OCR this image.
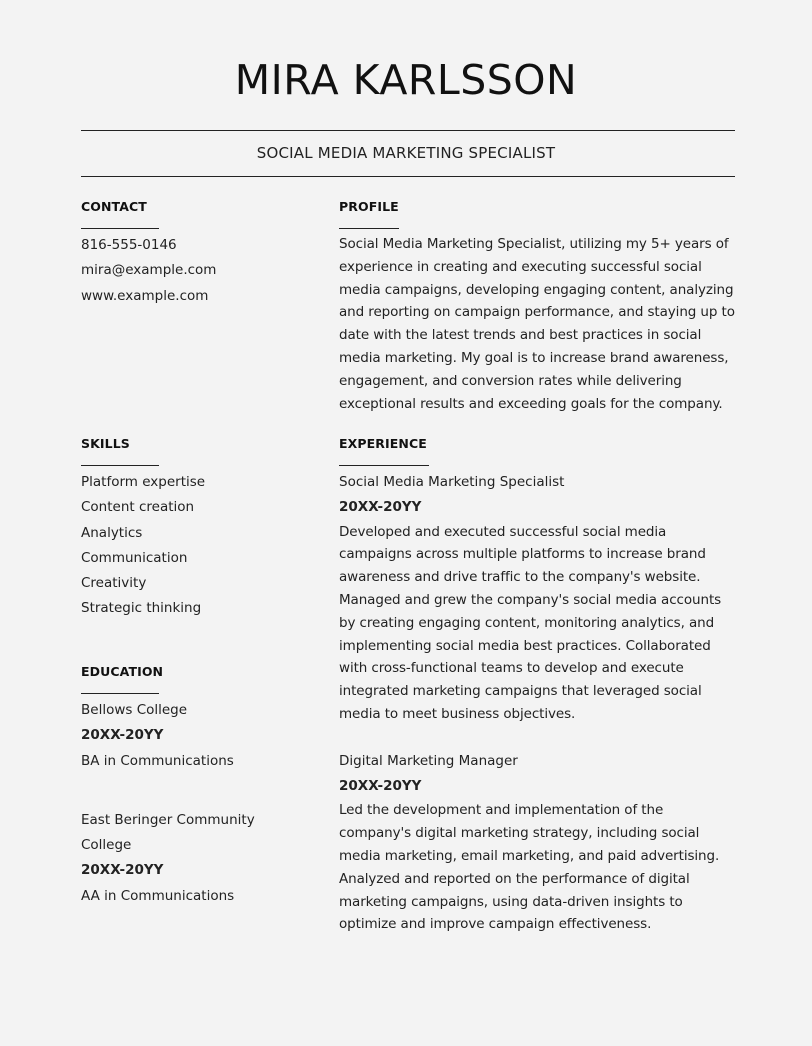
MIRA KARLSSON
SOCIAL MEDIA MARKETING SPECIALIST
CONTACT
816-555-0146
mira@example.com
www.example.com
PROFILE

Social Media Marketing Specialist, utilizing my 5+ years of experience in creating and executing successful social media campaigns, developing engaging content, analyzing and reporting on campaign performance, and staying up to date with the latest trends and best practices in social media marketing. My goal is to increase brand awareness, engagement, and conversion rates while delivering exceptional results and exceeding goals for the company.

SKILLS
Platform expertise
Content creation
Analytics
Communication
Creativity
Strategic thinking
EDUCATION
Bellows College
20XX-20YY
BA in Communications
East Beringer Community College
20XX-20YY
AA in Communications
EXPERIENCE
Social Media Marketing Specialist
20XX-20YY

Developed and executed successful social media campaigns across multiple platforms to increase brand awareness and drive traffic to the company's website. Managed and grew the company's social media accounts by creating engaging content, monitoring analytics, and implementing social media best practices. Collaborated with cross-functional teams to develop and execute integrated marketing campaigns that leveraged social media to meet business objectives.

Digital Marketing Manager
20XX-20YY

Led the development and implementation of the company's digital marketing strategy, including social media marketing, email marketing, and paid advertising. Analyzed and reported on the performance of digital marketing campaigns, using data-driven insights to optimize and improve campaign effectiveness.
